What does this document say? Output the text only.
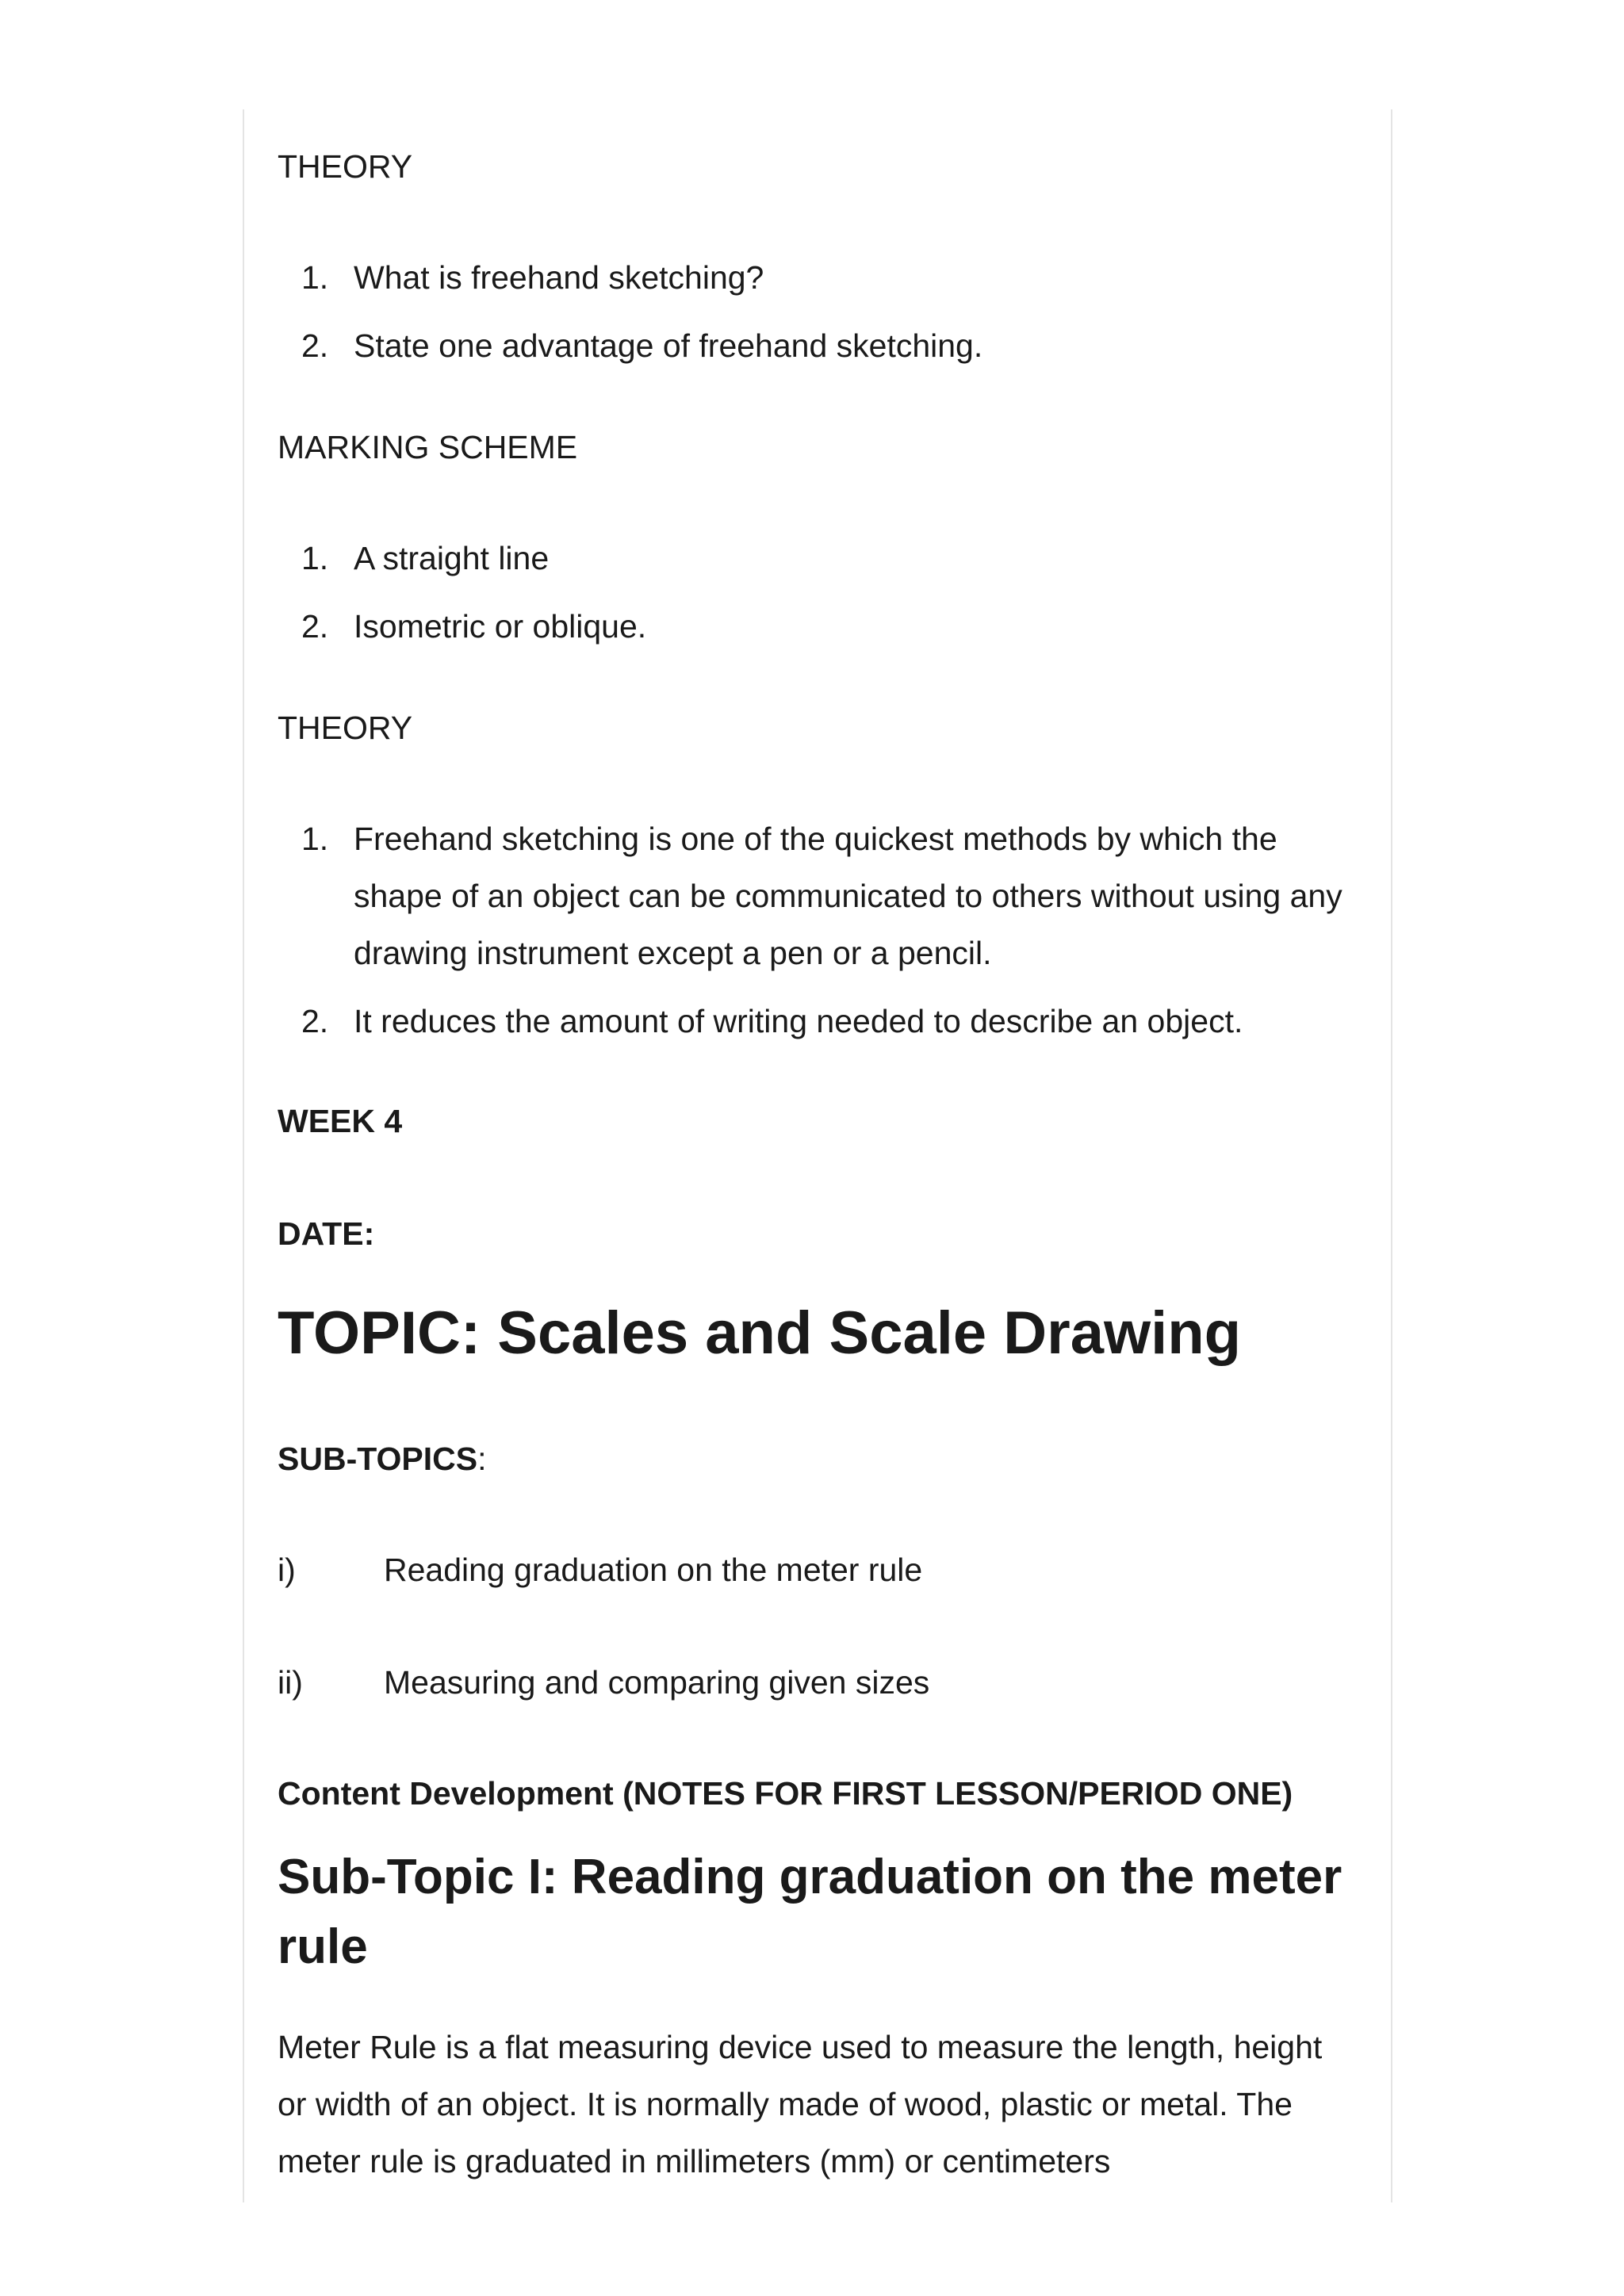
THEORY

1. What is freehand sketching?
2. State one advantage of freehand sketching.

MARKING SCHEME

1. A straight line
2. Isometric or oblique.

THEORY

1. Freehand sketching is one of the quickest methods by which the shape of an object can be communicated to others without using any drawing instrument except a pen or a pencil.
2. It reduces the amount of writing needed to describe an object.

WEEK 4

DATE:

TOPIC: Scales and Scale Drawing

SUB-TOPICS:

i)	Reading graduation on the meter rule
ii) Measuring and comparing given sizes

Content Development (NOTES FOR FIRST LESSON/PERIOD ONE)

Sub-Topic I: Reading graduation on the meter rule

Meter Rule is a flat measuring device used to measure the length, height or width of an object. It is normally made of wood, plastic or metal. The meter rule is graduated in millimeters (mm) or centimeters
